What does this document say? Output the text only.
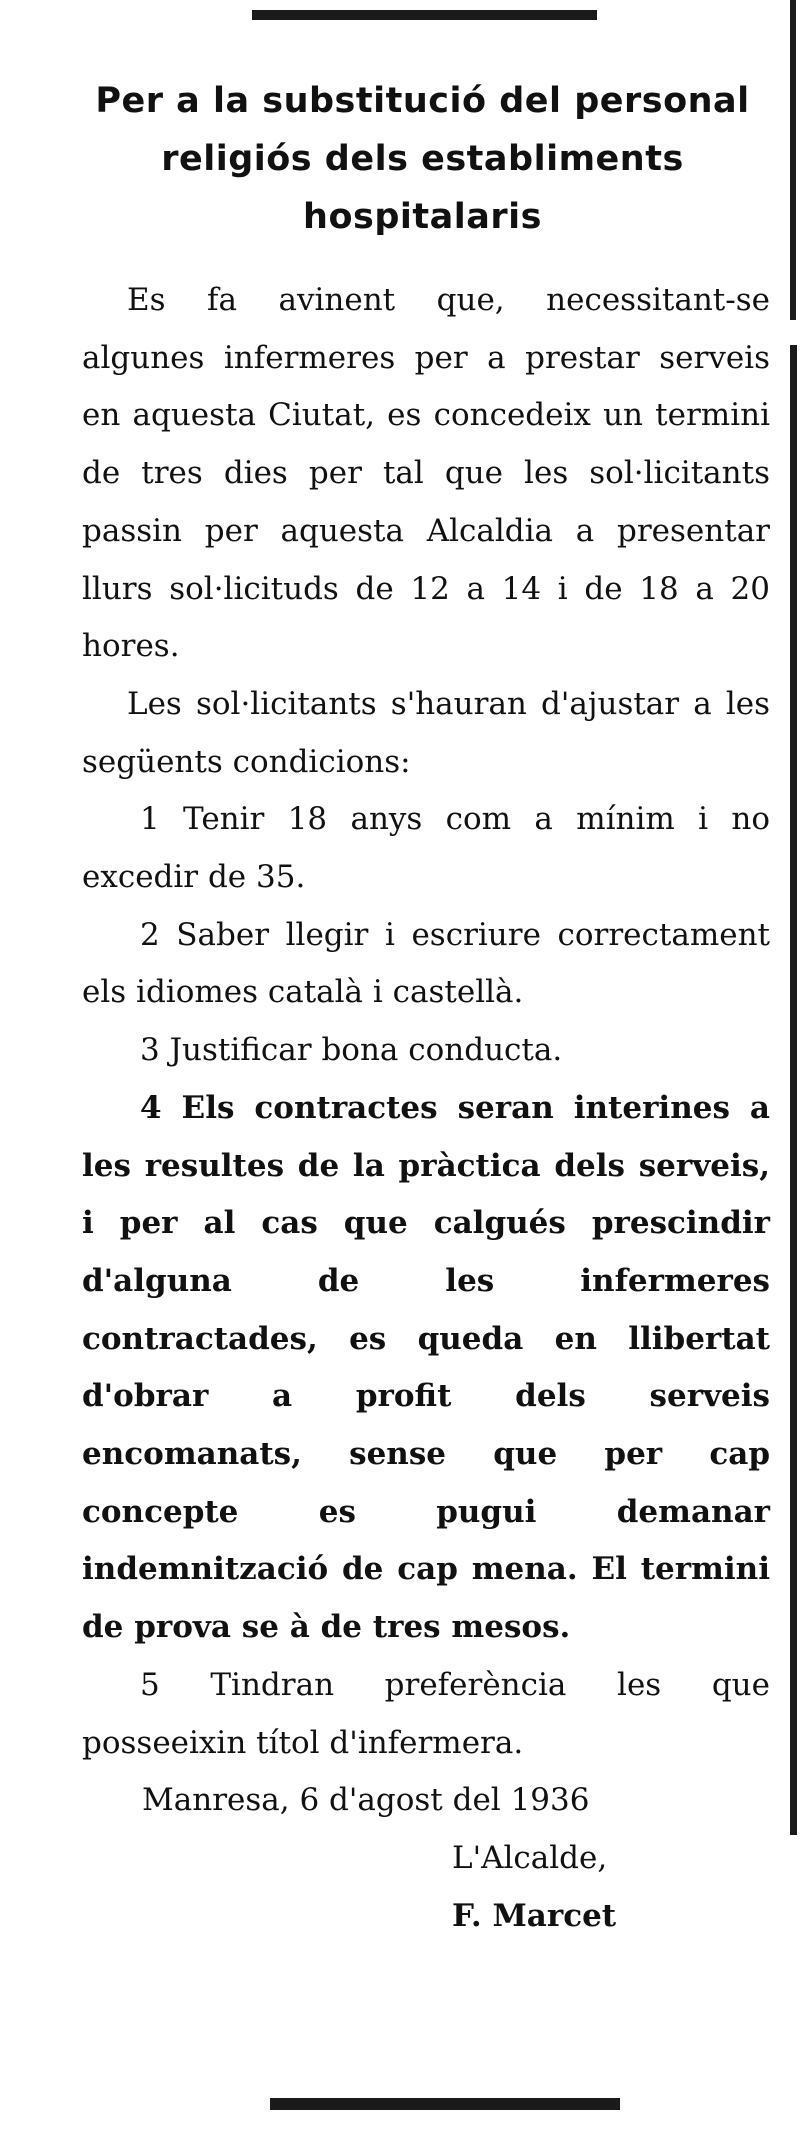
Per a la substitució del personal religiós dels establiments hospitalaris

Es fa avinent que, necessitant-se algunes infermeres per a prestar serveis en aquesta Ciutat, es concedeix un termini de tres dies per tal que les sol·licitants passin per aquesta Alcaldia a presentar llurs sol·licituds de 12 a 14 i de 18 a 20 hores.

Les sol·licitants s'hauran d'ajustar a les següents condicions:

1 Tenir 18 anys com a mínim i no excedir de 35.

2 Saber llegir i escriure correctament els idiomes català i castellà.

3 Justificar bona conducta.

4 Els contractes seran interines a les resultes de la pràctica dels serveis, i per al cas que calgués prescindir d'alguna de les infermeres contractades, es queda en llibertat d'obrar a profit dels serveis encomanats, sense que per cap concepte es pugui demanar indemnització de cap mena. El termini de prova se à de tres mesos.

5 Tindran preferència les que posseeixin títol d'infermera.

Manresa, 6 d'agost del 1936

L'Alcalde,

F. Marcet
